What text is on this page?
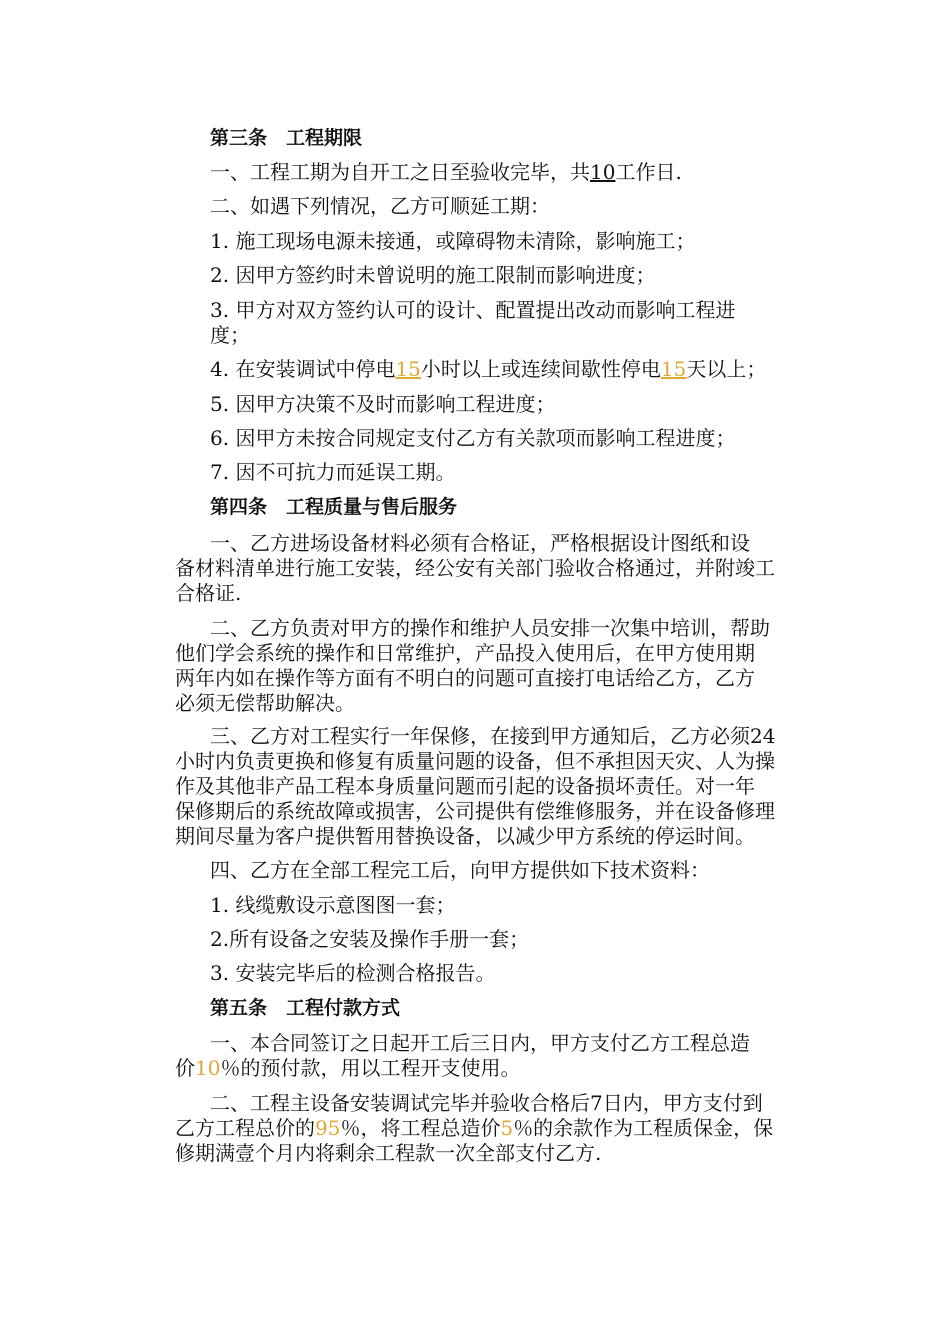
第三条　工程期限
一、工程工期为自开工之日至验收完毕，共10工作日.
二、如遇下列情况，乙方可顺延工期：
1. 施工现场电源未接通，或障碍物未清除，影响施工；
2. 因甲方签约时未曾说明的施工限制而影响进度；
3. 甲方对双方签约认可的设计、配置提出改动而影响工程进
度；
4. 在安装调试中停电15小时以上或连续间歇性停电15天以上；
5. 因甲方决策不及时而影响工程进度；
6. 因甲方未按合同规定支付乙方有关款项而影响工程进度；
7. 因不可抗力而延误工期。
第四条　工程质量与售后服务
一、乙方进场设备材料必须有合格证，严格根据设计图纸和设
备材料清单进行施工安装，经公安有关部门验收合格通过，并附竣工
合格证.
二、乙方负责对甲方的操作和维护人员安排一次集中培训，帮助
他们学会系统的操作和日常维护，产品投入使用后，在甲方使用期
两年内如在操作等方面有不明白的问题可直接打电话给乙方，乙方
必须无偿帮助解决。
三、乙方对工程实行一年保修，在接到甲方通知后，乙方必须24
小时内负责更换和修复有质量问题的设备，但不承担因天灾、人为操
作及其他非产品工程本身质量问题而引起的设备损坏责任。对一年
保修期后的系统故障或损害，公司提供有偿维修服务，并在设备修理
期间尽量为客户提供暂用替换设备，以减少甲方系统的停运时间。
四、乙方在全部工程完工后，向甲方提供如下技术资料：
1. 线缆敷设示意图图一套；
2.所有设备之安装及操作手册一套；
3. 安装完毕后的检测合格报告。
第五条　工程付款方式
一、本合同签订之日起开工后三日内，甲方支付乙方工程总造
价10％的预付款，用以工程开支使用。
二、工程主设备安装调试完毕并验收合格后7日内，甲方支付到
乙方工程总价的95％，将工程总造价5％的余款作为工程质保金，保
修期满壹个月内将剩余工程款一次全部支付乙方.
